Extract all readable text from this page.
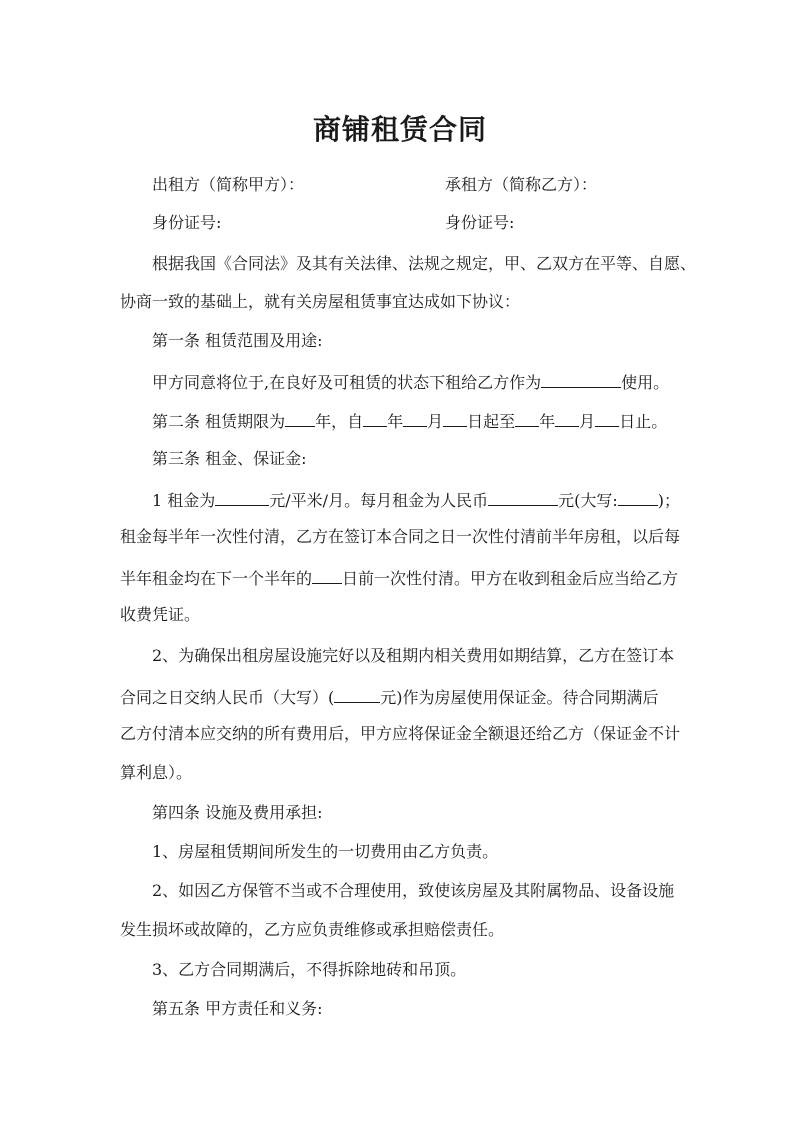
商铺租赁合同
出租方（简称甲方）：	承租方（简称乙方）：
身份证号:	身份证号:
根据我国《合同法》及其有关法律、法规之规定，甲、乙双方在平等、自愿、
协商一致的基础上，就有关房屋租赁事宜达成如下协议：
第一条 租赁范围及用途:
甲方同意将位于,在良好及可租赁的状态下租给乙方作为	使用。
第二条 租赁期限为 年，自 年 月 日起至 年 月 日止。
第三条 租金、保证金:
1 租金为	元/平米/月。每月租金为人民币	元(大写:	)；
租金每半年一次性付清，乙方在签订本合同之日一次性付清前半年房租，以后每
半年租金均在下一个半年的 日前一次性付清。甲方在收到租金后应当给乙方
收费凭证。
2、为确保出租房屋设施完好以及租期内相关费用如期结算，乙方在签订本
合同之日交纳人民币（大写）(	元)作为房屋使用保证金。待合同期满后
乙方付清本应交纳的所有费用后，甲方应将保证金全额退还给乙方（保证金不计
算利息）。
第四条 设施及费用承担:
1、房屋租赁期间所发生的一切费用由乙方负责。
2、如因乙方保管不当或不合理使用，致使该房屋及其附属物品、设备设施
发生损坏或故障的，乙方应负责维修或承担赔偿责任。
3、乙方合同期满后，不得拆除地砖和吊顶。
第五条 甲方责任和义务:
